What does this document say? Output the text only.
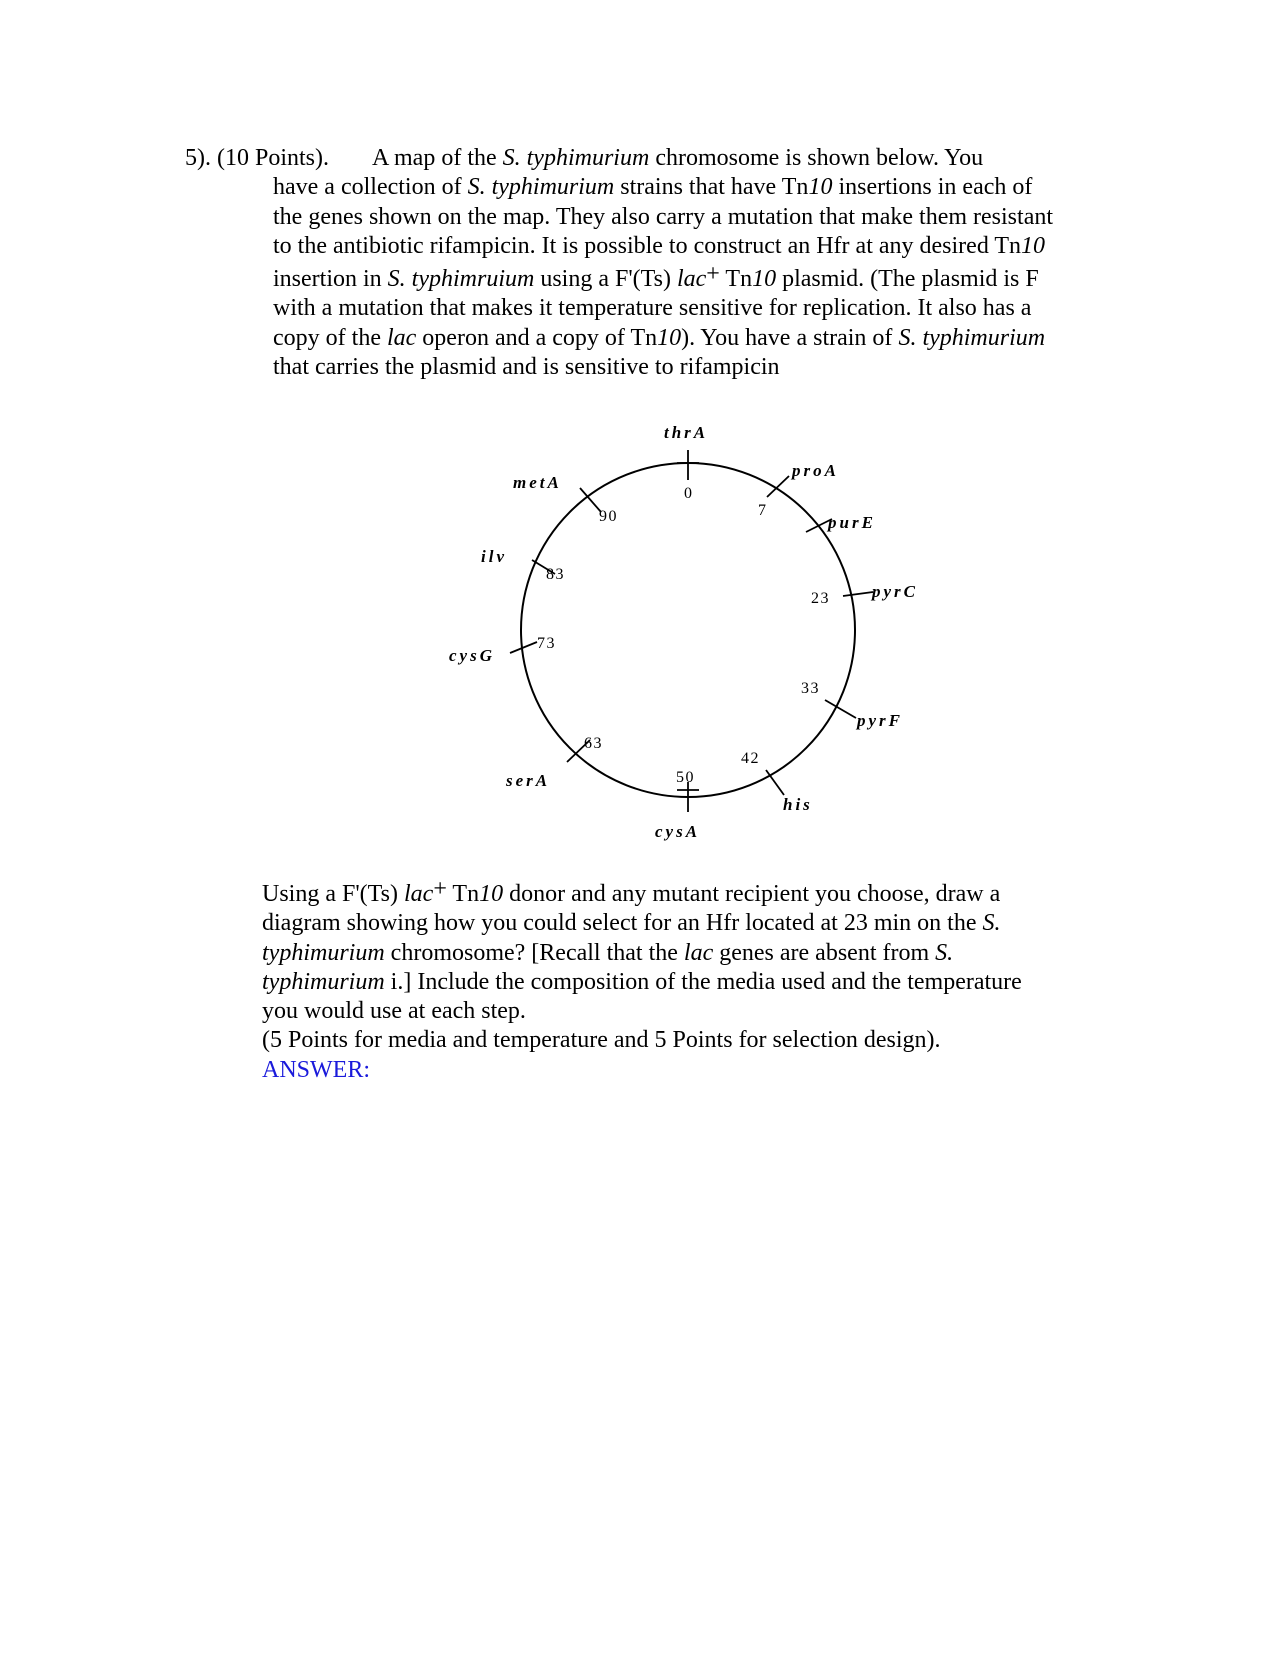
5). (10 Points). A map of the S. typhimurium chromosome is shown below. You
have a collection of S. typhimurium strains that have Tn10 insertions in each of
the genes shown on the map. They also carry a mutation that make them resistant
to the antibiotic rifampicin. It is possible to construct an Hfr at any desired Tn10
insertion in S. typhimruium using a F'(Ts) lac+ Tn10 plasmid. (The plasmid is F
with a mutation that makes it temperature sensitive for replication. It also has a
copy of the lac operon and a copy of Tn10). You have a strain of S. typhimurium
that carries the plasmid and is sensitive to rifampicin
thrA
proA
purE
pyrC
pyrF
his
cysA
serA
cysG
ilv
metA
0
7
23
33
42
50
63
73
83
90
Using a F'(Ts) lac+ Tn10 donor and any mutant recipient you choose, draw a
diagram showing how you could select for an Hfr located at 23 min on the S.
typhimurium chromosome? [Recall that the lac genes are absent from S.
typhimurium i.] Include the composition of the media used and the temperature
you would use at each step.
(5 Points for media and temperature and 5 Points for selection design).
ANSWER:
